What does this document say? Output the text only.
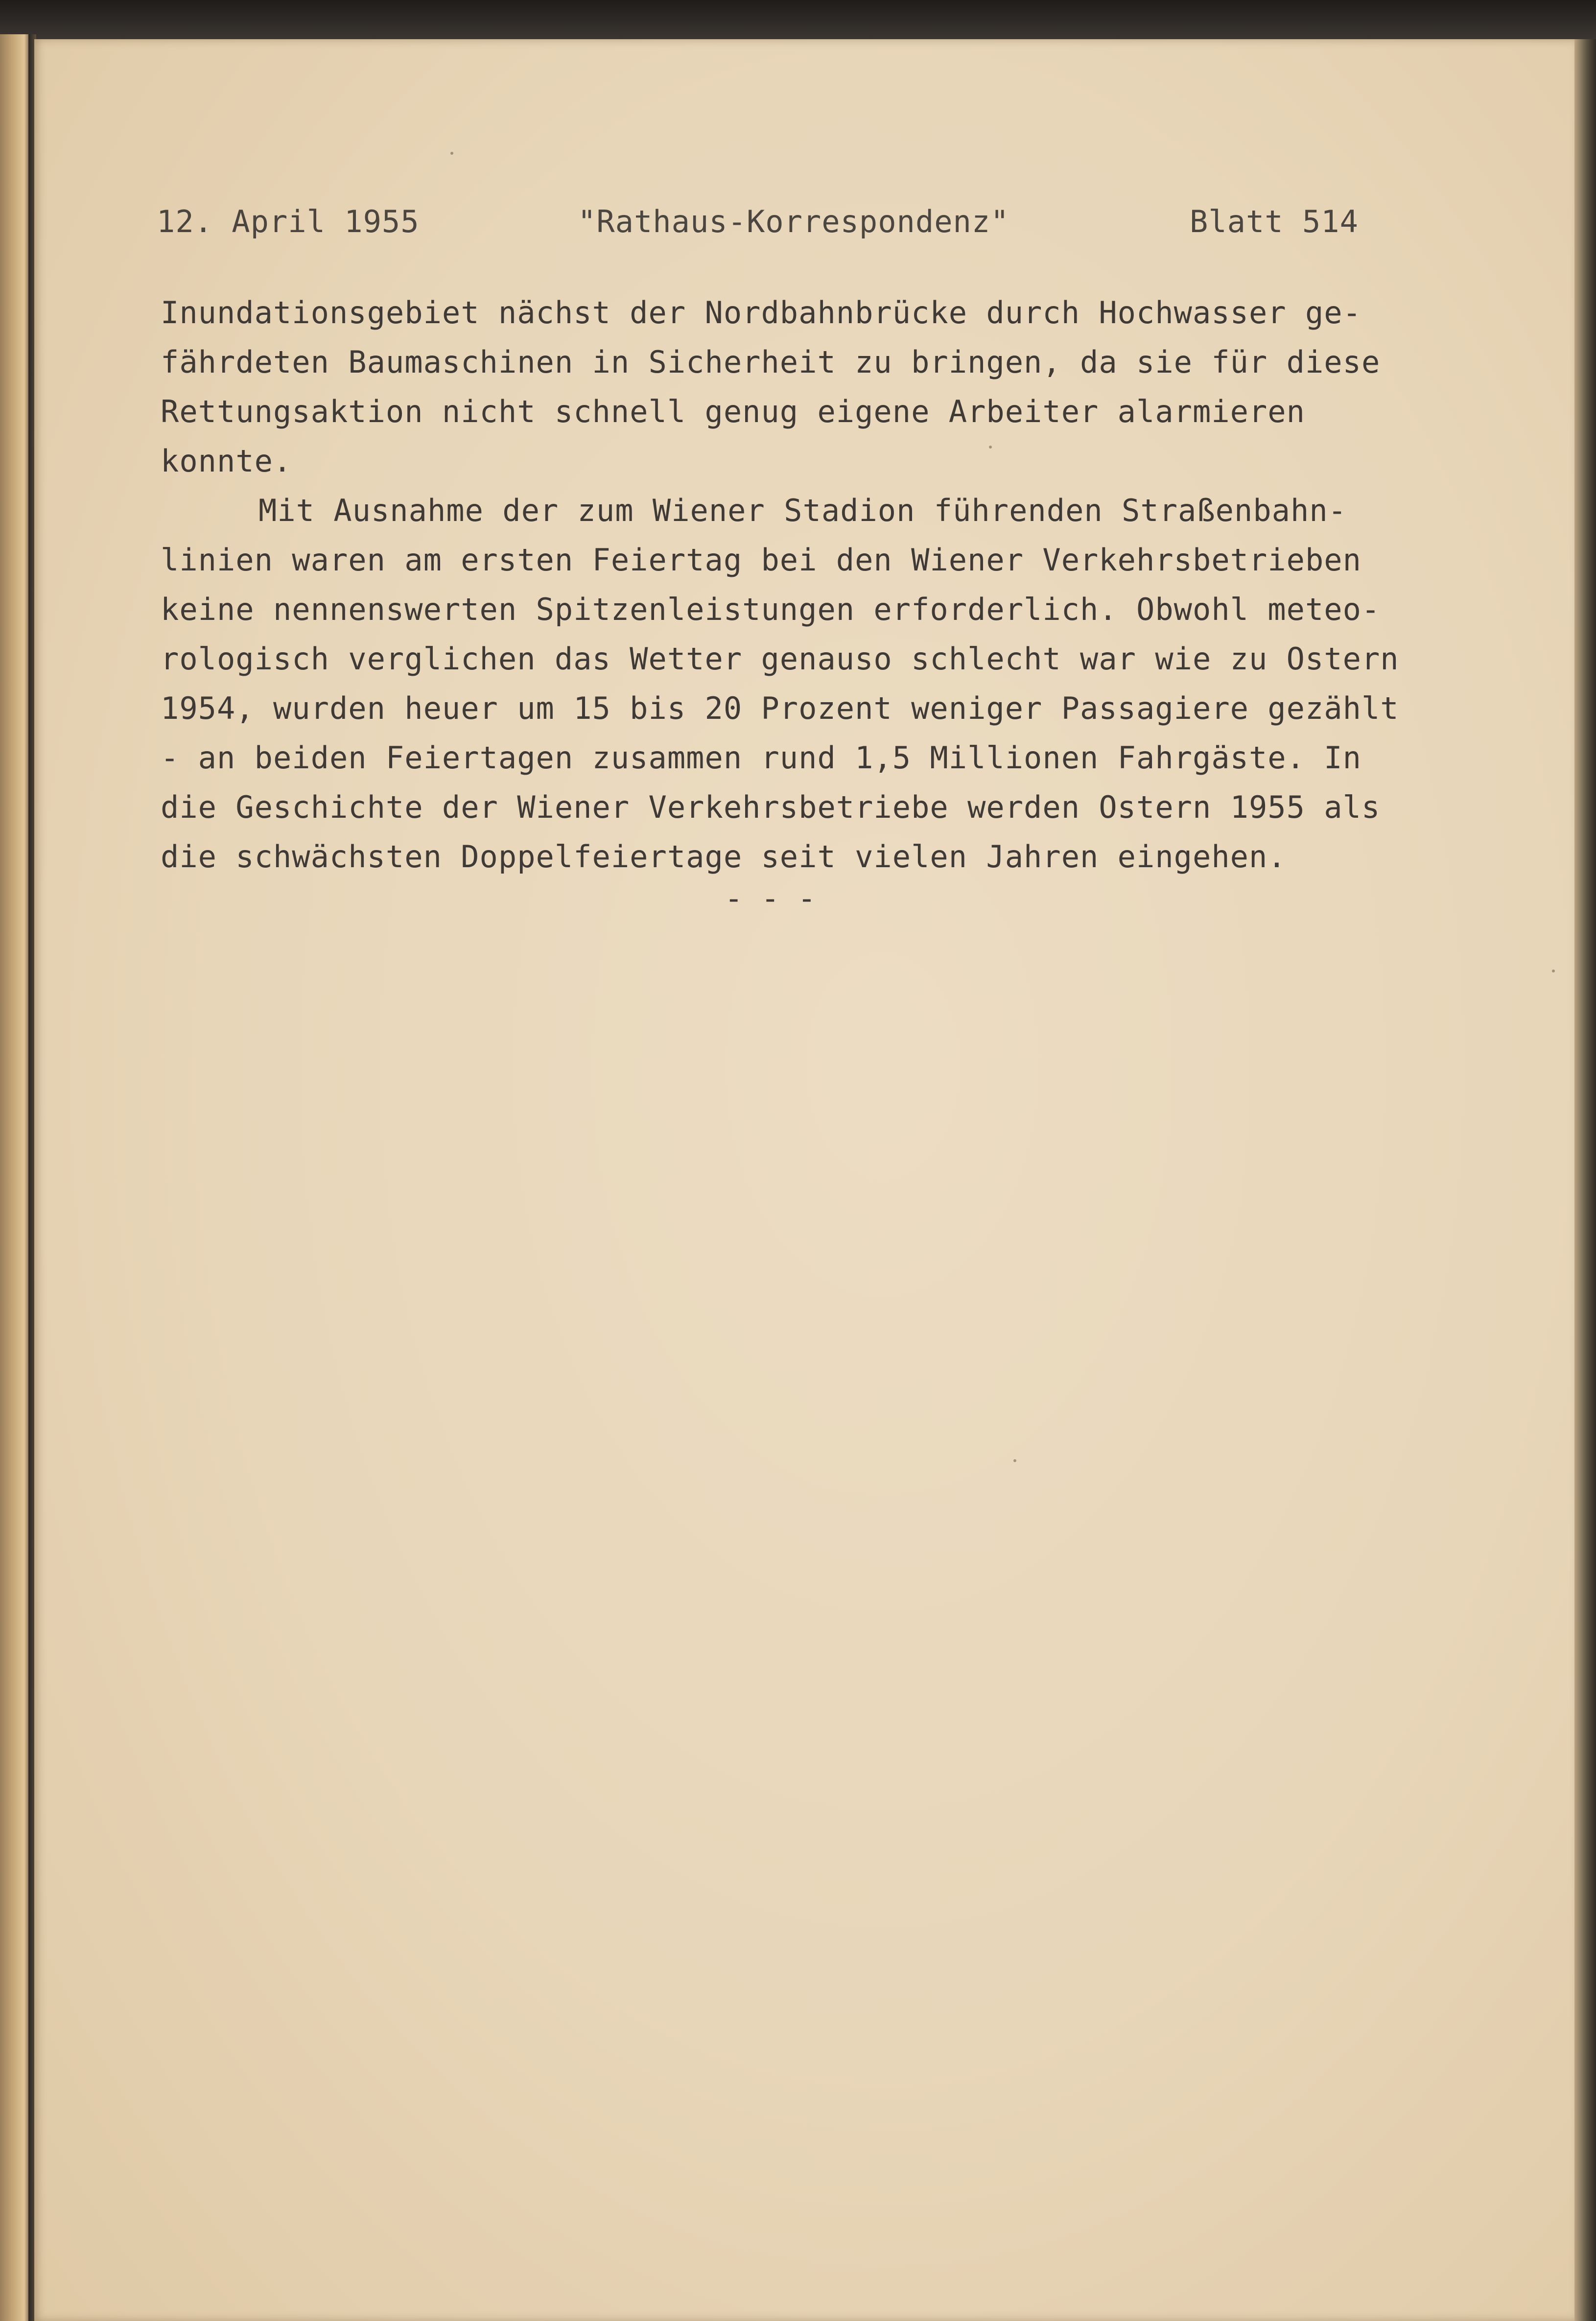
12. April 1955	"Rathaus-Korrespondenz"	Blatt 514
Inundationsgebiet nächst der Nordbahnbrücke durch Hochwasser ge-
fährdeten Baumaschinen in Sicherheit zu bringen, da sie für diese
Rettungsaktion nicht schnell genug eigene Arbeiter alarmieren
konnte.
Mit Ausnahme der zum Wiener Stadion führenden Straßenbahn-
linien waren am ersten Feiertag bei den Wiener Verkehrsbetrieben
keine nennenswerten Spitzenleistungen erforderlich. Obwohl meteo-
rologisch verglichen das Wetter genauso schlecht war wie zu Ostern
1954, wurden heuer um 15 bis 20 Prozent weniger Passagiere gezählt
- an beiden Feiertagen zusammen rund 1,5 Millionen Fahrgäste. In
die Geschichte der Wiener Verkehrsbetriebe werden Ostern 1955 als
die schwächsten Doppelfeiertage seit vielen Jahren eingehen.
- - -
